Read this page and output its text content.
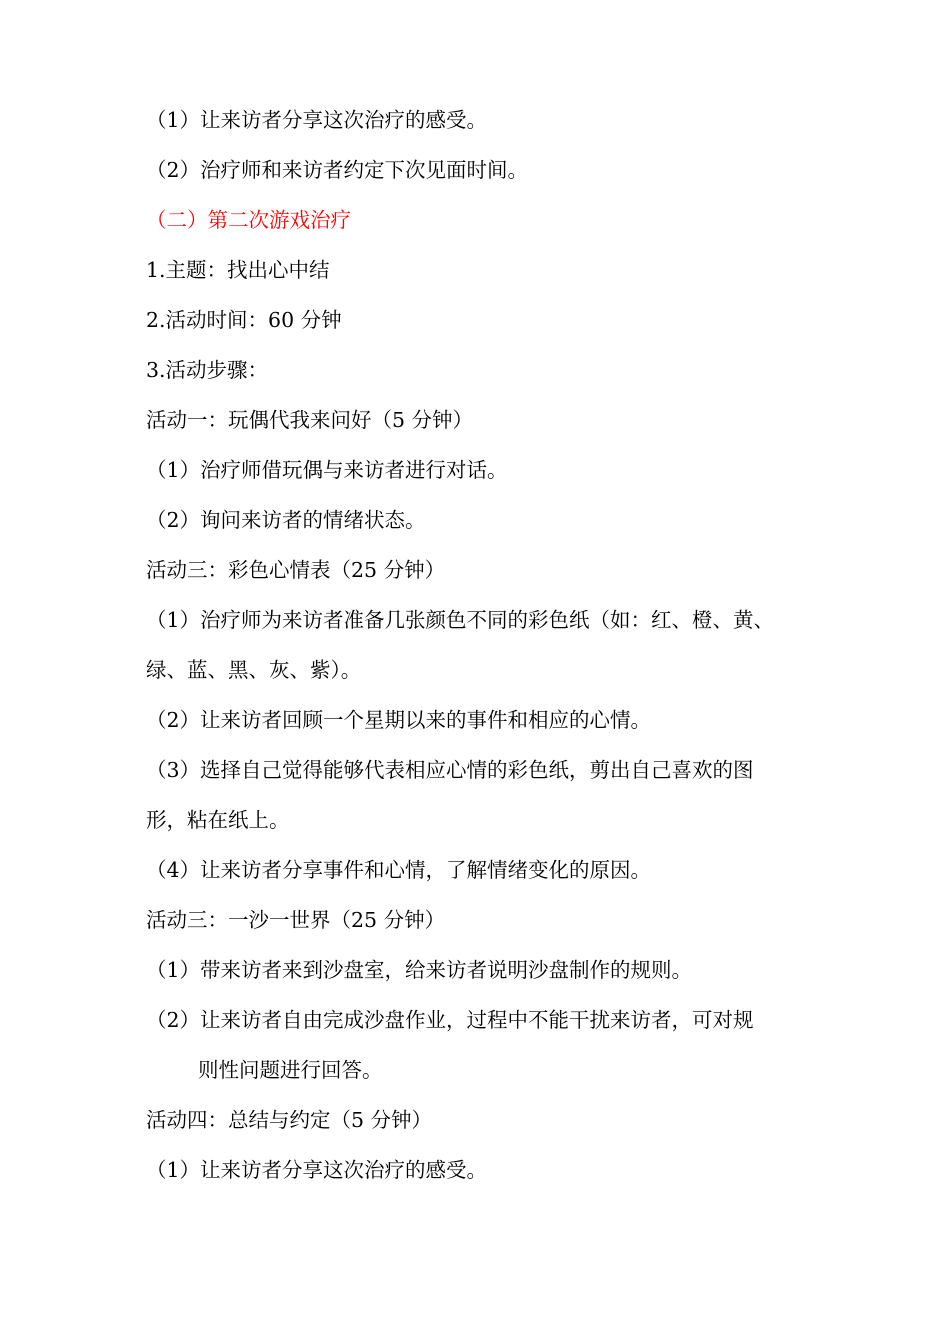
（1）让来访者分享这次治疗的感受。
（2）治疗师和来访者约定下次见面时间。
（二）第二次游戏治疗
1.主题：找出心中结
2.活动时间：60 分钟
3.活动步骤：
活动一：玩偶代我来问好（5 分钟）
（1）治疗师借玩偶与来访者进行对话。
（2）询问来访者的情绪状态。
活动三：彩色心情表（25 分钟）
（1）治疗师为来访者准备几张颜色不同的彩色纸（如：红、橙、黄、
绿、蓝、黑、灰、紫）。
（2）让来访者回顾一个星期以来的事件和相应的心情。
（3）选择自己觉得能够代表相应心情的彩色纸，剪出自己喜欢的图
形，粘在纸上。
（4）让来访者分享事件和心情，了解情绪变化的原因。
活动三：一沙一世界（25 分钟）
（1）带来访者来到沙盘室，给来访者说明沙盘制作的规则。
（2）让来访者自由完成沙盘作业，过程中不能干扰来访者，可对规
则性问题进行回答。
活动四：总结与约定（5 分钟）
（1）让来访者分享这次治疗的感受。
